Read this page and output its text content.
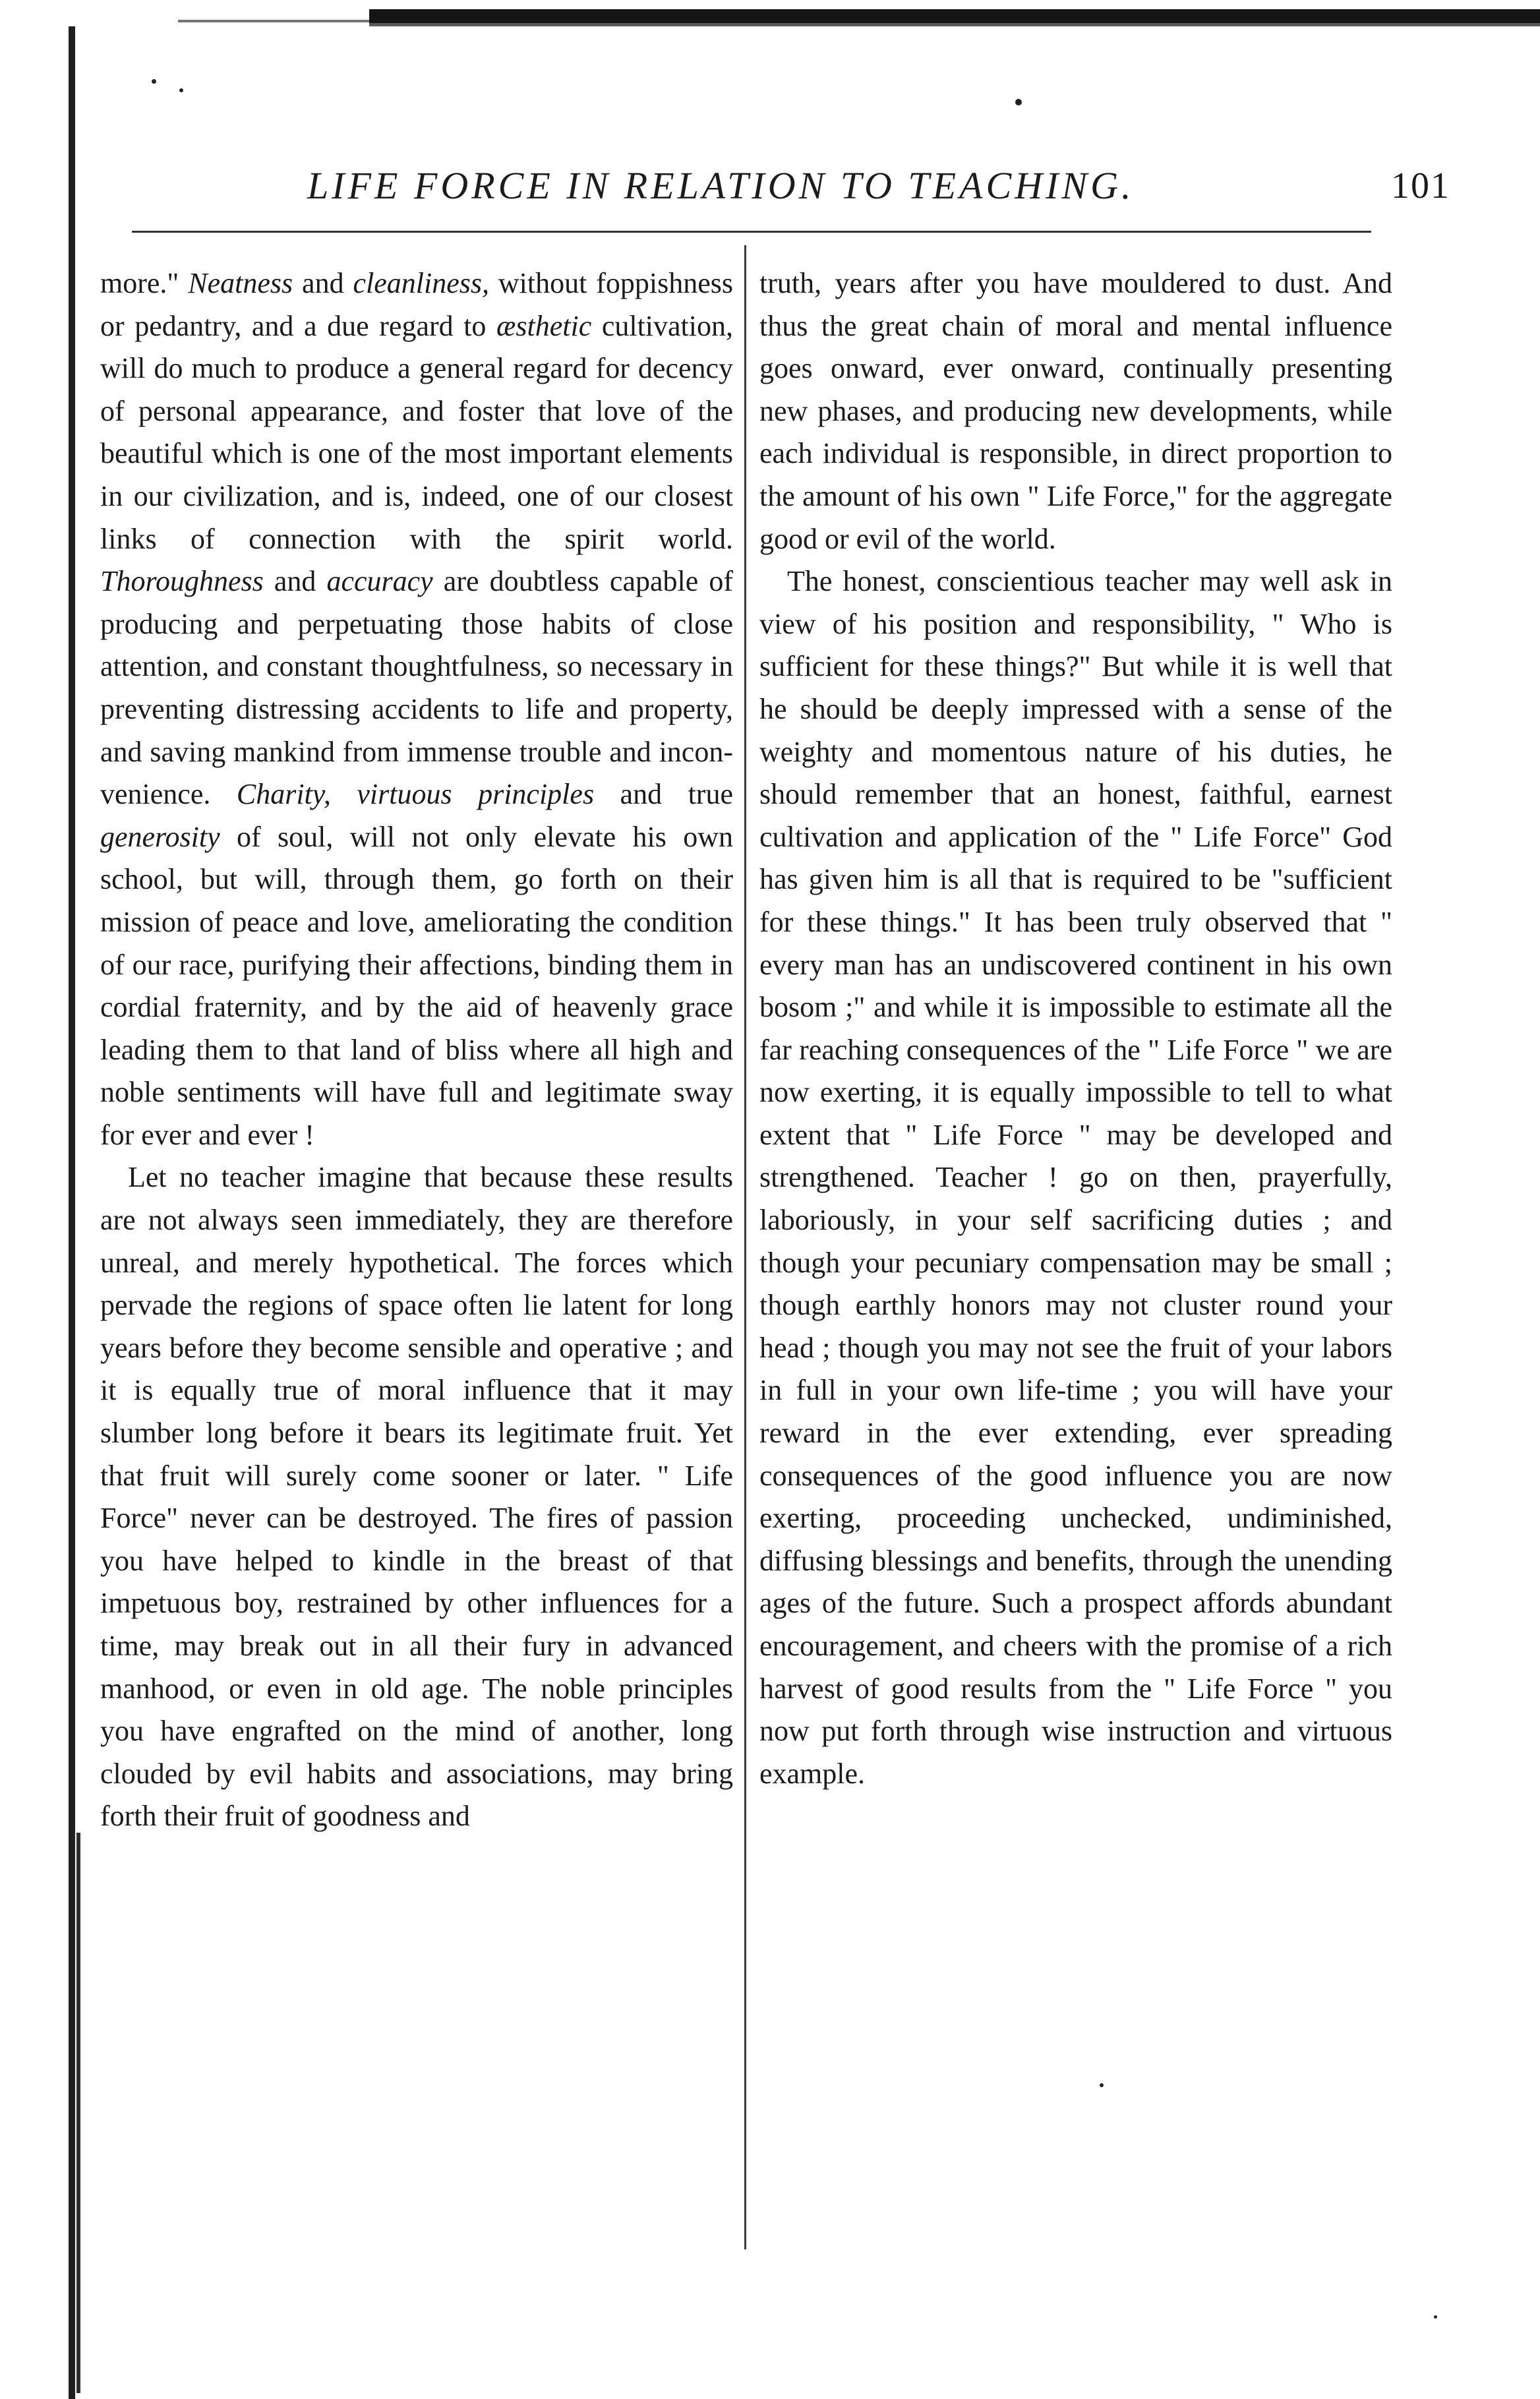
LIFE FORCE IN RELATION TO TEACHING.	101

more." Neatness and cleanliness, without foppishness or pedantry, and a due regard to æsthetic cultivation, will do much to produce a general regard for decency of personal appearance, and foster that love of the beautiful which is one of the most important elements in our civilization, and is, indeed, one of our closest links of connection with the spirit world. Thoroughness and accuracy are doubtless capable of producing and perpetuating those habits of close attention, and constant thoughtfulness, so necessary in preventing distressing accidents to life and property, and saving mankind from immense trouble and inconvenience. Charity, virtuous principles and true generosity of soul, will not only elevate his own school, but will, through them, go forth on their mission of peace and love, ameliorating the condition of our race, purifying their affections, binding them in cordial fraternity, and by the aid of heavenly grace leading them to that land of bliss where all high and noble sentiments will have full and legitimate sway for ever and ever !

Let no teacher imagine that because these results are not always seen immediately, they are therefore unreal, and merely hypothetical. The forces which pervade the regions of space often lie latent for long years before they become sensible and operative ; and it is equally true of moral influence that it may slumber long before it bears its legitimate fruit. Yet that fruit will surely come sooner or later. " Life Force" never can be destroyed. The fires of passion you have helped to kindle in the breast of that impetuous boy, restrained by other influences for a time, may break out in all their fury in advanced manhood, or even in old age. The noble principles you have engrafted on the mind of another, long clouded by evil habits and associations, may bring forth their fruit of goodness and

truth, years after you have mouldered to dust. And thus the great chain of moral and mental influence goes onward, ever onward, continually presenting new phases, and producing new developments, while each individual is responsible, in direct proportion to the amount of his own " Life Force," for the aggregate good or evil of the world.

The honest, conscientious teacher may well ask in view of his position and responsibility, " Who is sufficient for these things?" But while it is well that he should be deeply impressed with a sense of the weighty and momentous nature of his duties, he should remember that an honest, faithful, earnest cultivation and application of the " Life Force" God has given him is all that is required to be "sufficient for these things." It has been truly observed that " every man has an undiscovered continent in his own bosom ;" and while it is impossible to estimate all the far reaching consequences of the " Life Force " we are now exerting, it is equally impossible to tell to what extent that " Life Force " may be developed and strengthened. Teacher ! go on then, prayerfully, laboriously, in your self sacrificing duties ; and though your pecuniary compensation may be small ; though earthly honors may not cluster round your head ; though you may not see the fruit of your labors in full in your own life-time ; you will have your reward in the ever extending, ever spreading consequences of the good influence you are now exerting, proceeding unchecked, undiminished, diffusing blessings and benefits, through the unending ages of the future. Such a prospect affords abundant encouragement, and cheers with the promise of a rich harvest of good results from the " Life Force " you now put forth through wise instruction and virtuous example.
